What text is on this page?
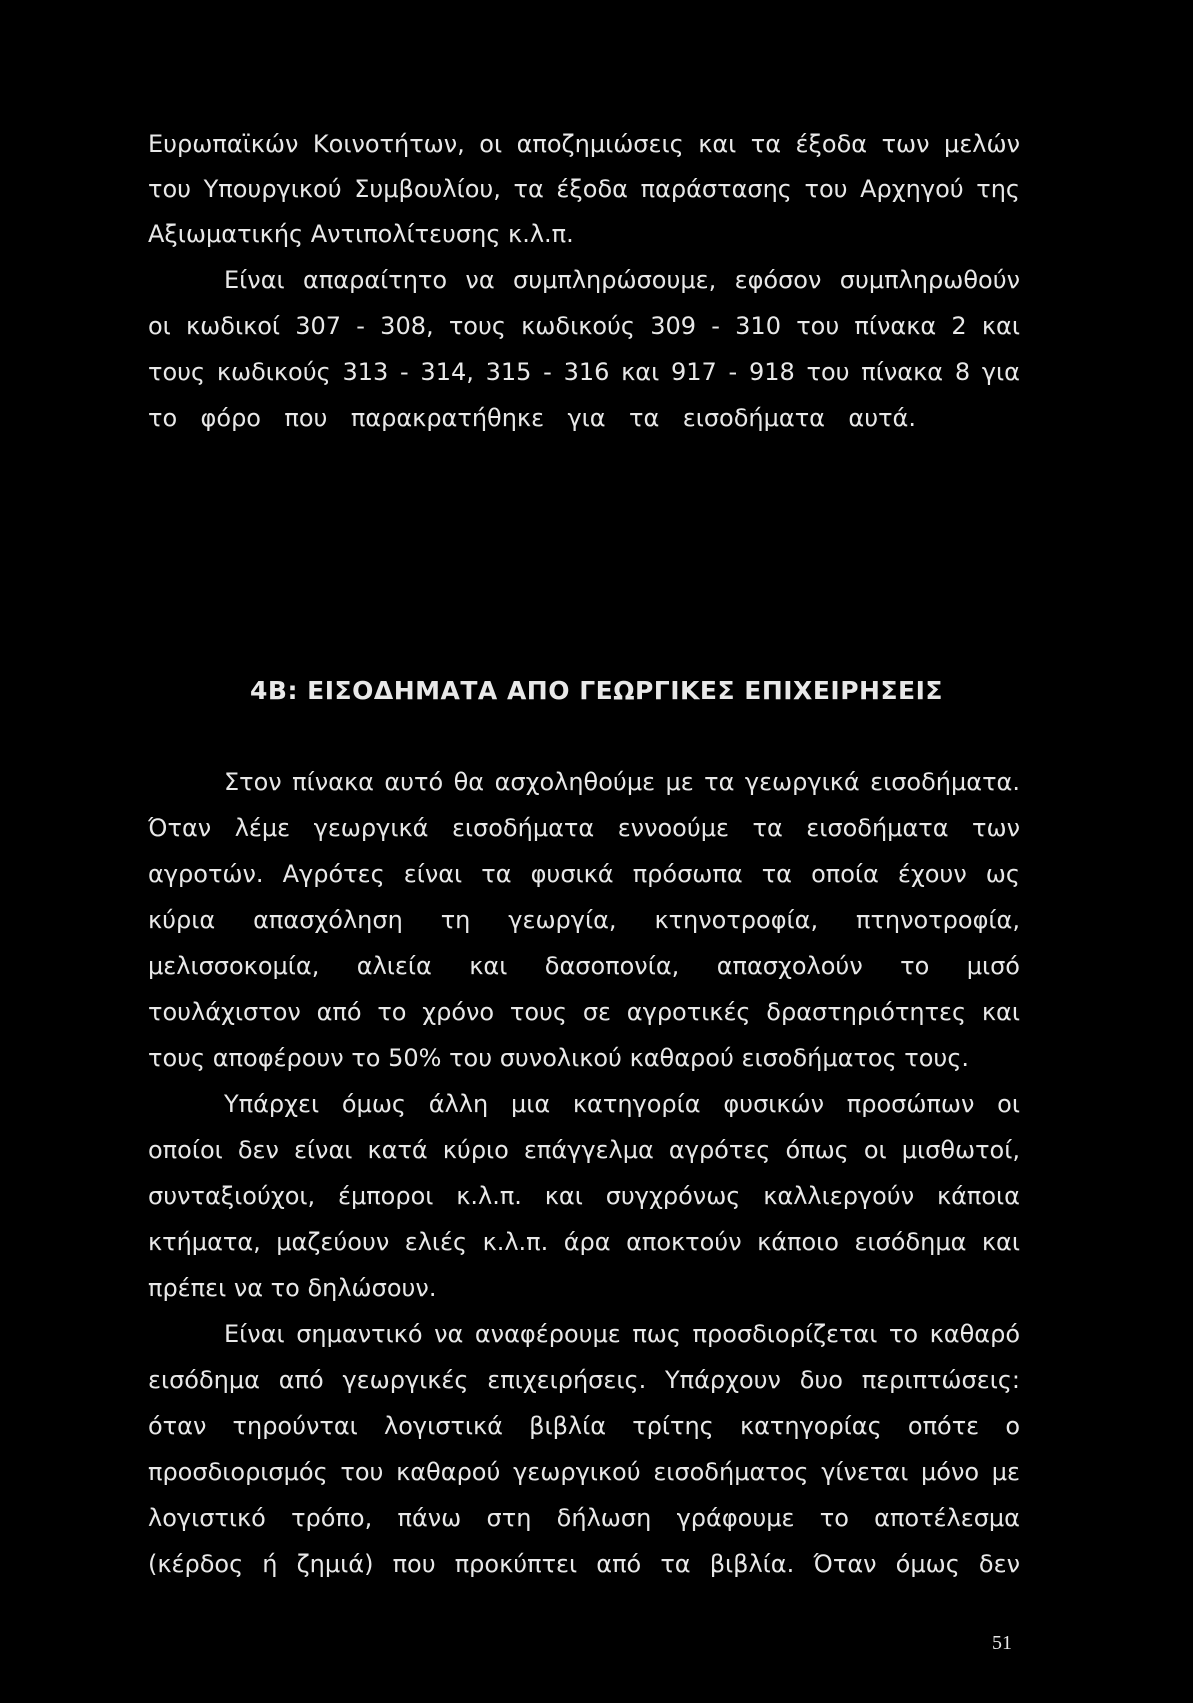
Ευρωπαϊκών Κοινοτήτων, οι αποζημιώσεις και τα έξοδα των μελών
του Υπουργικού Συμβουλίου, τα έξοδα παράστασης του Αρχηγού της
Αξιωματικής Αντιπολίτευσης κ.λ.π.
Είναι απαραίτητο να συμπληρώσουμε, εφόσον συμπληρωθούν
οι κωδικοί 307 - 308, τους κωδικούς 309 - 310 του πίνακα 2 και
τους κωδικούς 313 - 314, 315 - 316 και 917 - 918 του πίνακα 8 για
το φόρο που παρακρατήθηκε για τα εισοδήματα αυτά.
4Β: ΕΙΣΟΔΗΜΑΤΑ ΑΠΟ ΓΕΩΡΓΙΚΕΣ ΕΠΙΧΕΙΡΗΣΕΙΣ
Στον πίνακα αυτό θα ασχοληθούμε με τα γεωργικά εισοδήματα.
Όταν λέμε γεωργικά εισοδήματα εννοούμε τα εισοδήματα των
αγροτών. Αγρότες είναι τα φυσικά πρόσωπα τα οποία έχουν ως
κύρια απασχόληση τη γεωργία, κτηνοτροφία, πτηνοτροφία,
μελισσοκομία, αλιεία και δασοπονία, απασχολούν το μισό
τουλάχιστον από το χρόνο τους σε αγροτικές δραστηριότητες και
τους αποφέρουν το 50% του συνολικού καθαρού εισοδήματος τους.
Υπάρχει όμως άλλη μια κατηγορία φυσικών προσώπων οι
οποίοι δεν είναι κατά κύριο επάγγελμα αγρότες όπως οι μισθωτοί,
συνταξιούχοι, έμποροι κ.λ.π. και συγχρόνως καλλιεργούν κάποια
κτήματα, μαζεύουν ελιές κ.λ.π. άρα αποκτούν κάποιο εισόδημα και
πρέπει να το δηλώσουν.
Είναι σημαντικό να αναφέρουμε πως προσδιορίζεται το καθαρό
εισόδημα από γεωργικές επιχειρήσεις. Υπάρχουν δυο περιπτώσεις:
όταν τηρούνται λογιστικά βιβλία τρίτης κατηγορίας οπότε ο
προσδιορισμός του καθαρού γεωργικού εισοδήματος γίνεται μόνο με
λογιστικό τρόπο, πάνω στη δήλωση γράφουμε το αποτέλεσμα
(κέρδος ή ζημιά) που προκύπτει από τα βιβλία. Όταν όμως δεν
51
